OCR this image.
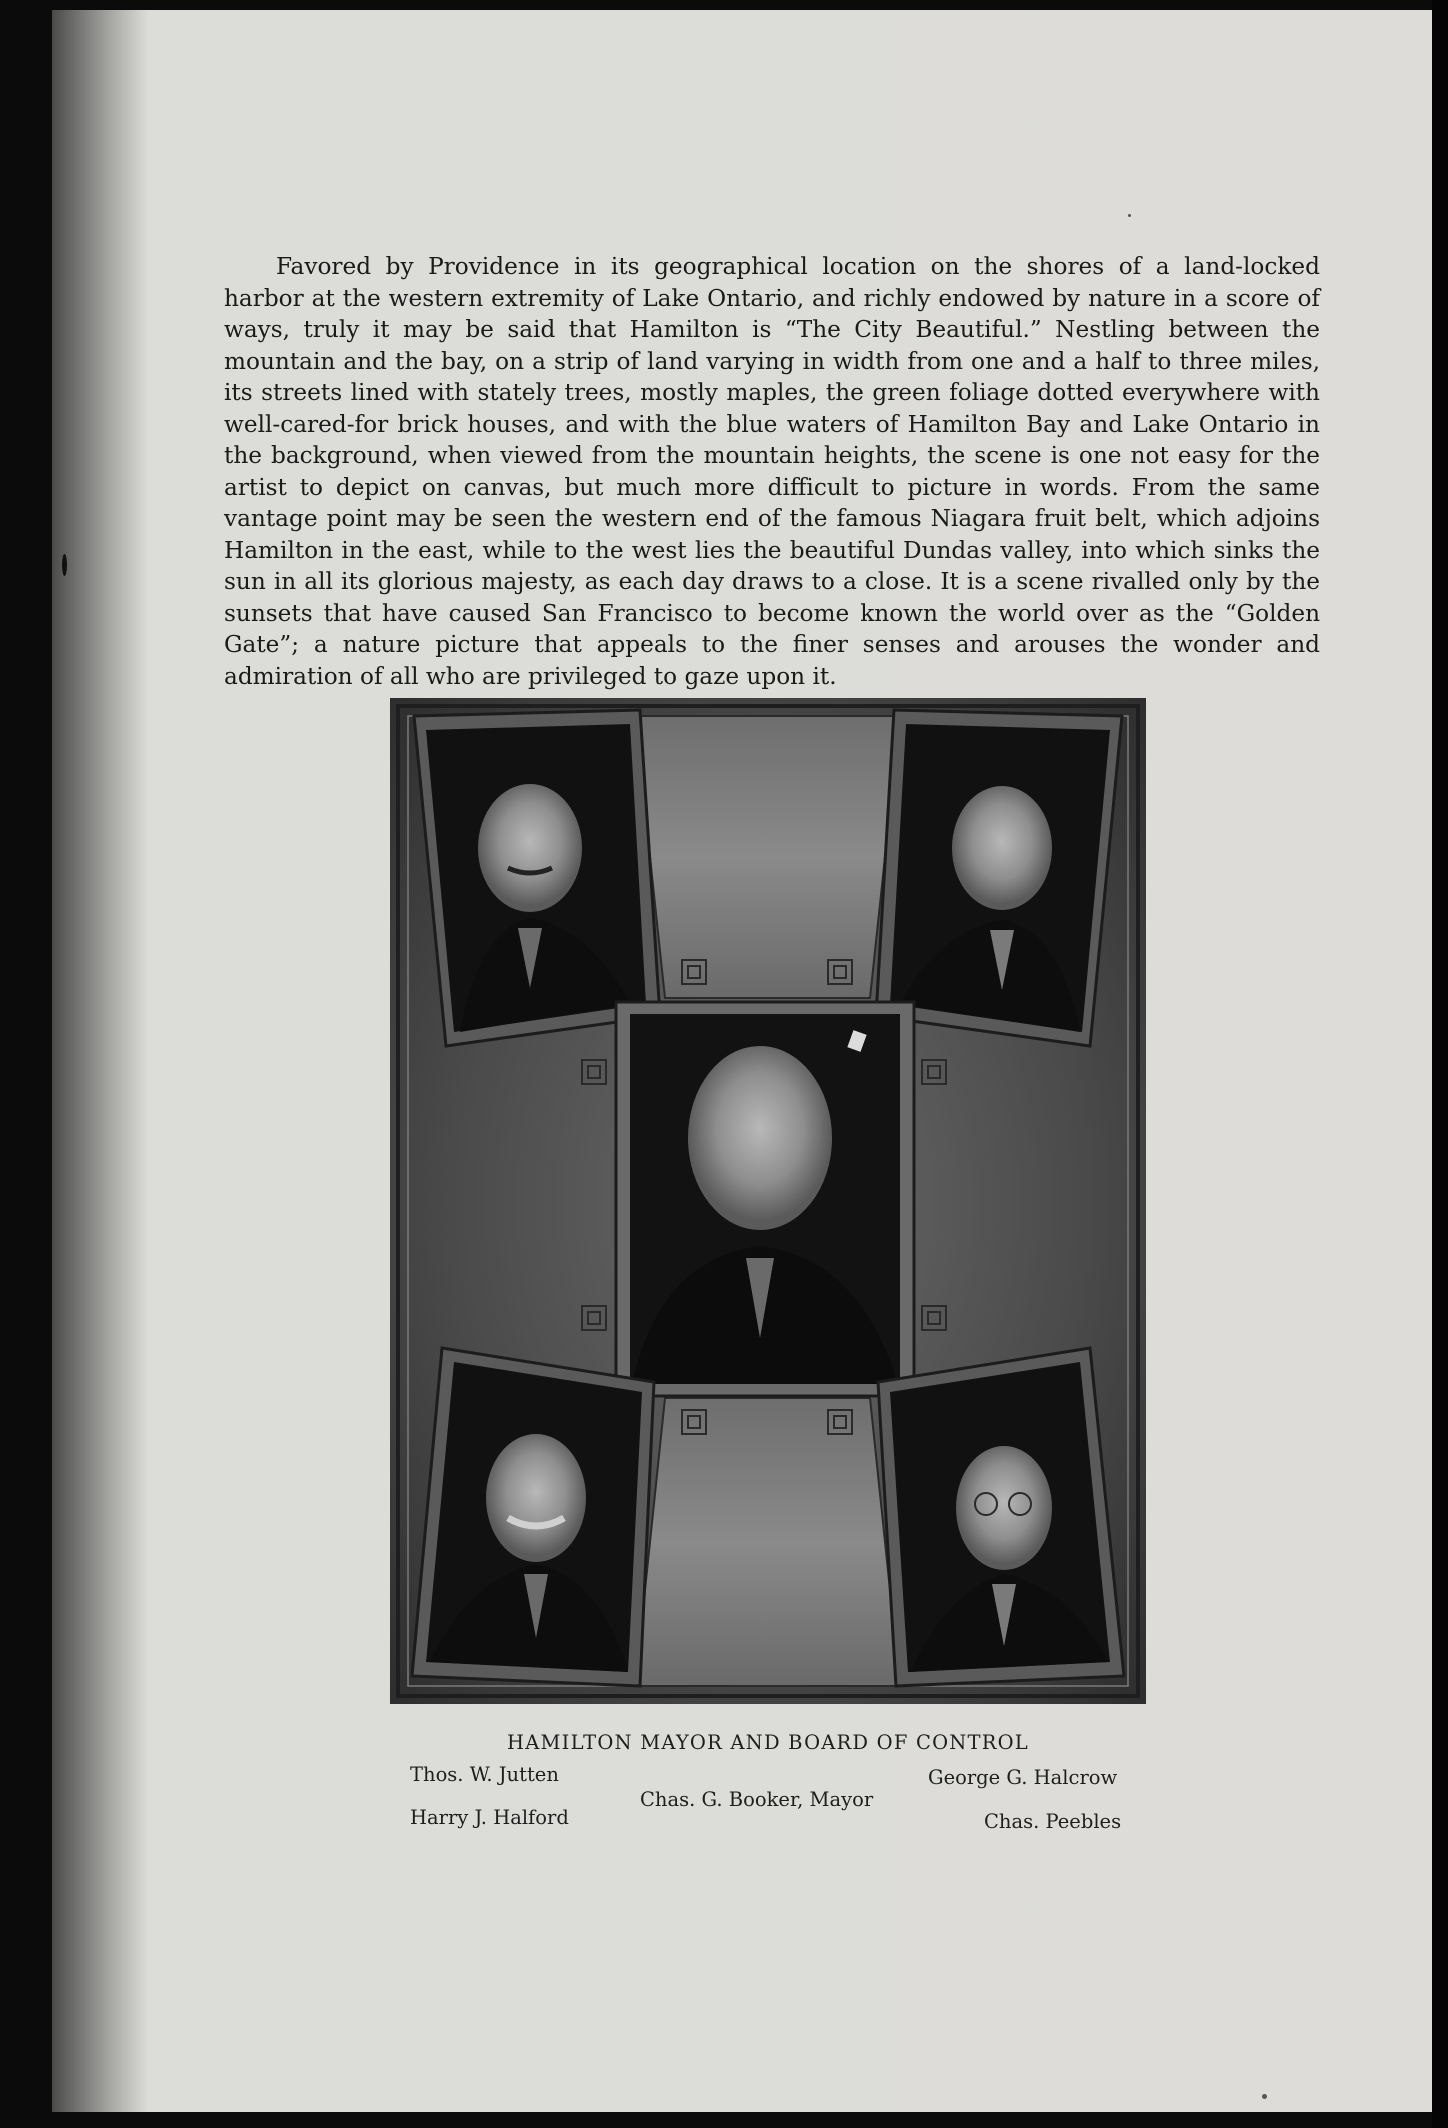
Favored by Providence in its geographical location on the shores of a land-locked harbor at the western extremity of Lake Ontario, and richly endowed by nature in a score of ways, truly it may be said that Hamilton is “The City Beautiful.” Nestling between the mountain and the bay, on a strip of land varying in width from one and a half to three miles, its streets lined with stately trees, mostly maples, the green foliage dotted everywhere with well-cared-for brick houses, and with the blue waters of Hamilton Bay and Lake Ontario in the background, when viewed from the mountain heights, the scene is one not easy for the artist to depict on canvas, but much more difficult to picture in words. From the same vantage point may be seen the western end of the famous Niagara fruit belt, which adjoins Hamilton in the east, while to the west lies the beautiful Dundas valley, into which sinks the sun in all its glorious majesty, as each day draws to a close. It is a scene rivalled only by the sunsets that have caused San Francisco to become known the world over as the “Golden Gate”; a nature picture that appeals to the finer senses and arouses the wonder and admiration of all who are privileged to gaze upon it.

HAMILTON MAYOR AND BOARD OF CONTROL
Thos. W. Jutten
Harry J. Halford
Chas. G. Booker, Mayor
George G. Halcrow
Chas. Peebles
